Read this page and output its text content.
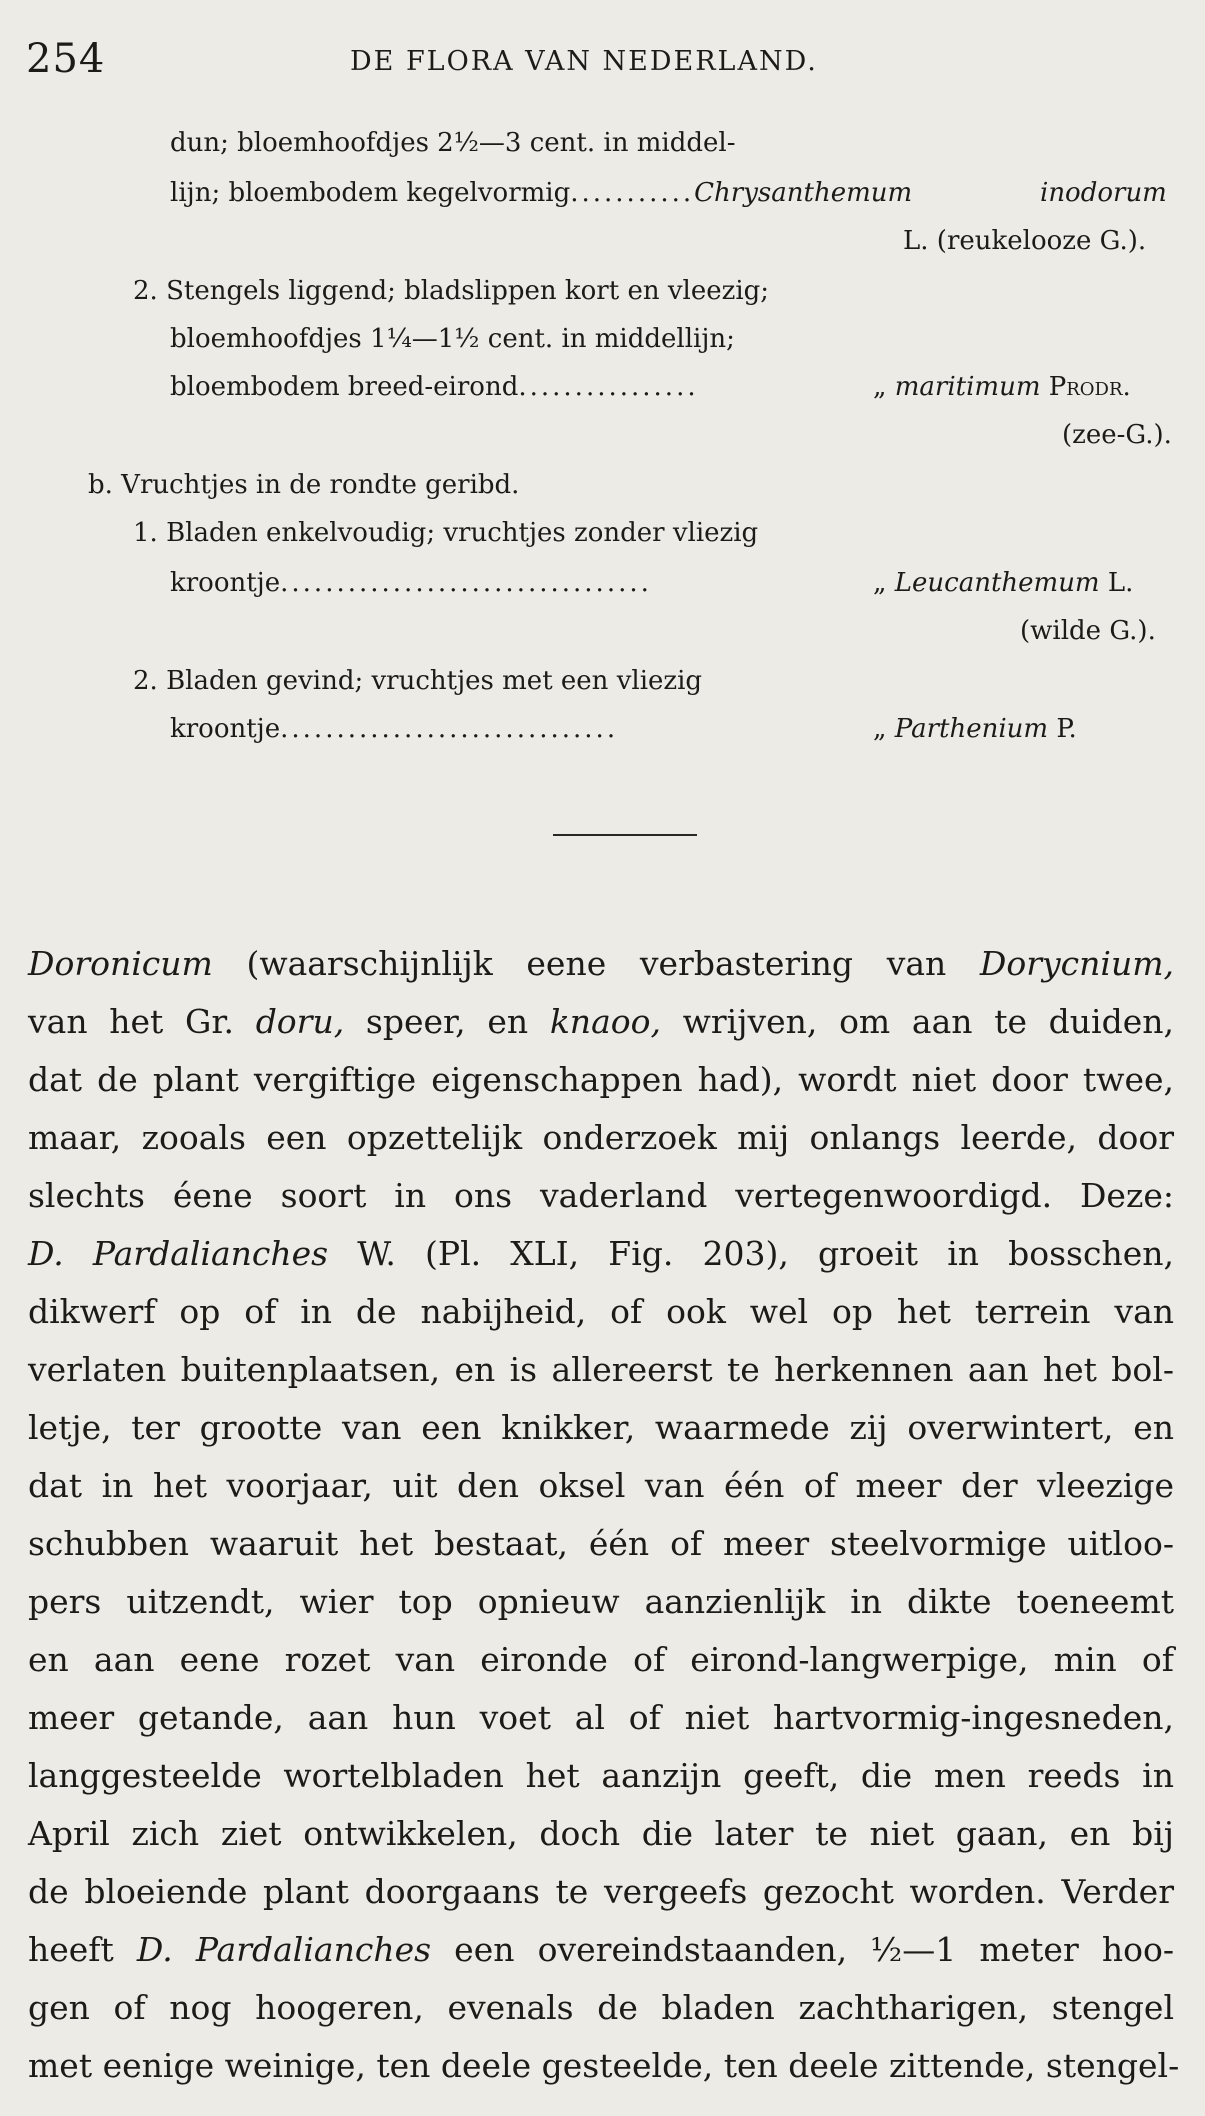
254	DE FLORA VAN NEDERLAND.
dun; bloemhoofdjes 2½—3 cent. in middel-
lijn; bloembodem kegelvormig...........Chrysanthemum	inodorum
L. (reukelooze G.).
2. Stengels liggend; bladslippen kort en vleezig;
bloemhoofdjes 1¼—1½ cent. in middellijn;
bloembodem breed-eirond................	„ maritimum Prodr.
(zee-G.).
b. Vruchtjes in de rondte geribd.
1. Bladen enkelvoudig; vruchtjes zonder vliezig
kroontje.................................	„ Leucanthemum L.
(wilde G.).
2. Bladen gevind; vruchtjes met een vliezig
kroontje..............................	„ Parthenium P.
Doronicum (waarschijnlijk eene verbastering van Dorycnium,
van het Gr. doru, speer, en knaoo, wrijven, om aan te duiden,
dat de plant vergiftige eigenschappen had), wordt niet door twee,
maar, zooals een opzettelijk onderzoek mij onlangs leerde, door
slechts éene soort in ons vaderland vertegenwoordigd. Deze:
D. Pardalianches W. (Pl. XLI, Fig. 203), groeit in bosschen,
dikwerf op of in de nabijheid, of ook wel op het terrein van
verlaten buitenplaatsen, en is allereerst te herkennen aan het bol-
letje, ter grootte van een knikker, waarmede zij overwintert, en
dat in het voorjaar, uit den oksel van één of meer der vleezige
schubben waaruit het bestaat, één of meer steelvormige uitloo-
pers uitzendt, wier top opnieuw aanzienlijk in dikte toeneemt
en aan eene rozet van eironde of eirond-langwerpige, min of
meer getande, aan hun voet al of niet hartvormig-ingesneden,
langgesteelde wortelbladen het aanzijn geeft, die men reeds in
April zich ziet ontwikkelen, doch die later te niet gaan, en bij
de bloeiende plant doorgaans te vergeefs gezocht worden. Verder
heeft D. Pardalianches een overeindstaanden, ½—1 meter hoo-
gen of nog hoogeren, evenals de bladen zachtharigen, stengel
met eenige weinige, ten deele gesteelde, ten deele zittende, stengel-
